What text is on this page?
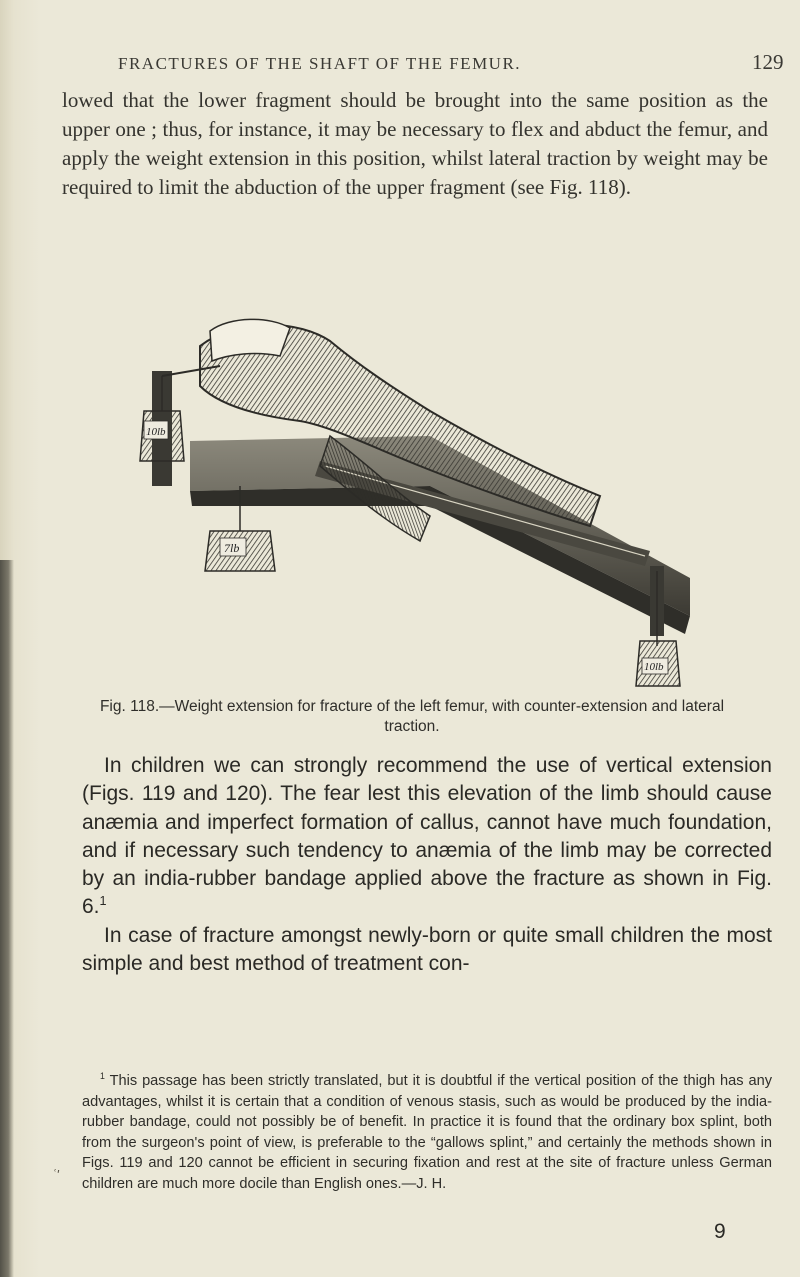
FRACTURES OF THE SHAFT OF THE FEMUR.	129
lowed that the lower fragment should be brought into the same position as the upper one ; thus, for instance, it may be necessary to flex and abduct the femur, and apply the weight extension in this position, whilst lateral traction by weight may be required to limit the abduction of the upper fragment (see Fig. 118).
10lb
7lb
10lb
Fig. 118.—Weight extension for fracture of the left femur, with counter-extension and lateral traction.

In children we can strongly recommend the use of vertical extension (Figs. 119 and 120). The fear lest this elevation of the limb should cause anæmia and imperfect formation of callus, cannot have much foundation, and if necessary such tendency to anæmia of the limb may be corrected by an india-rubber bandage applied above the fracture as shown in Fig. 6.$^1$

In case of fracture amongst newly-born or quite small children the most simple and best method of treatment con-

$^1$ This passage has been strictly translated, but it is doubtful if the vertical position of the thigh has any advantages, whilst it is certain that a condition of venous stasis, such as would be produced by the india-rubber bandage, could not possibly be of benefit. In practice it is found that the ordinary box splint, both from the surgeon's point of view, is preferable to the “gallows splint,” and certainly the methods shown in Figs. 119 and 120 cannot be efficient in securing fixation and rest at the site of fracture unless German children are much more docile than English ones.—J. H.
ʿ'
9
